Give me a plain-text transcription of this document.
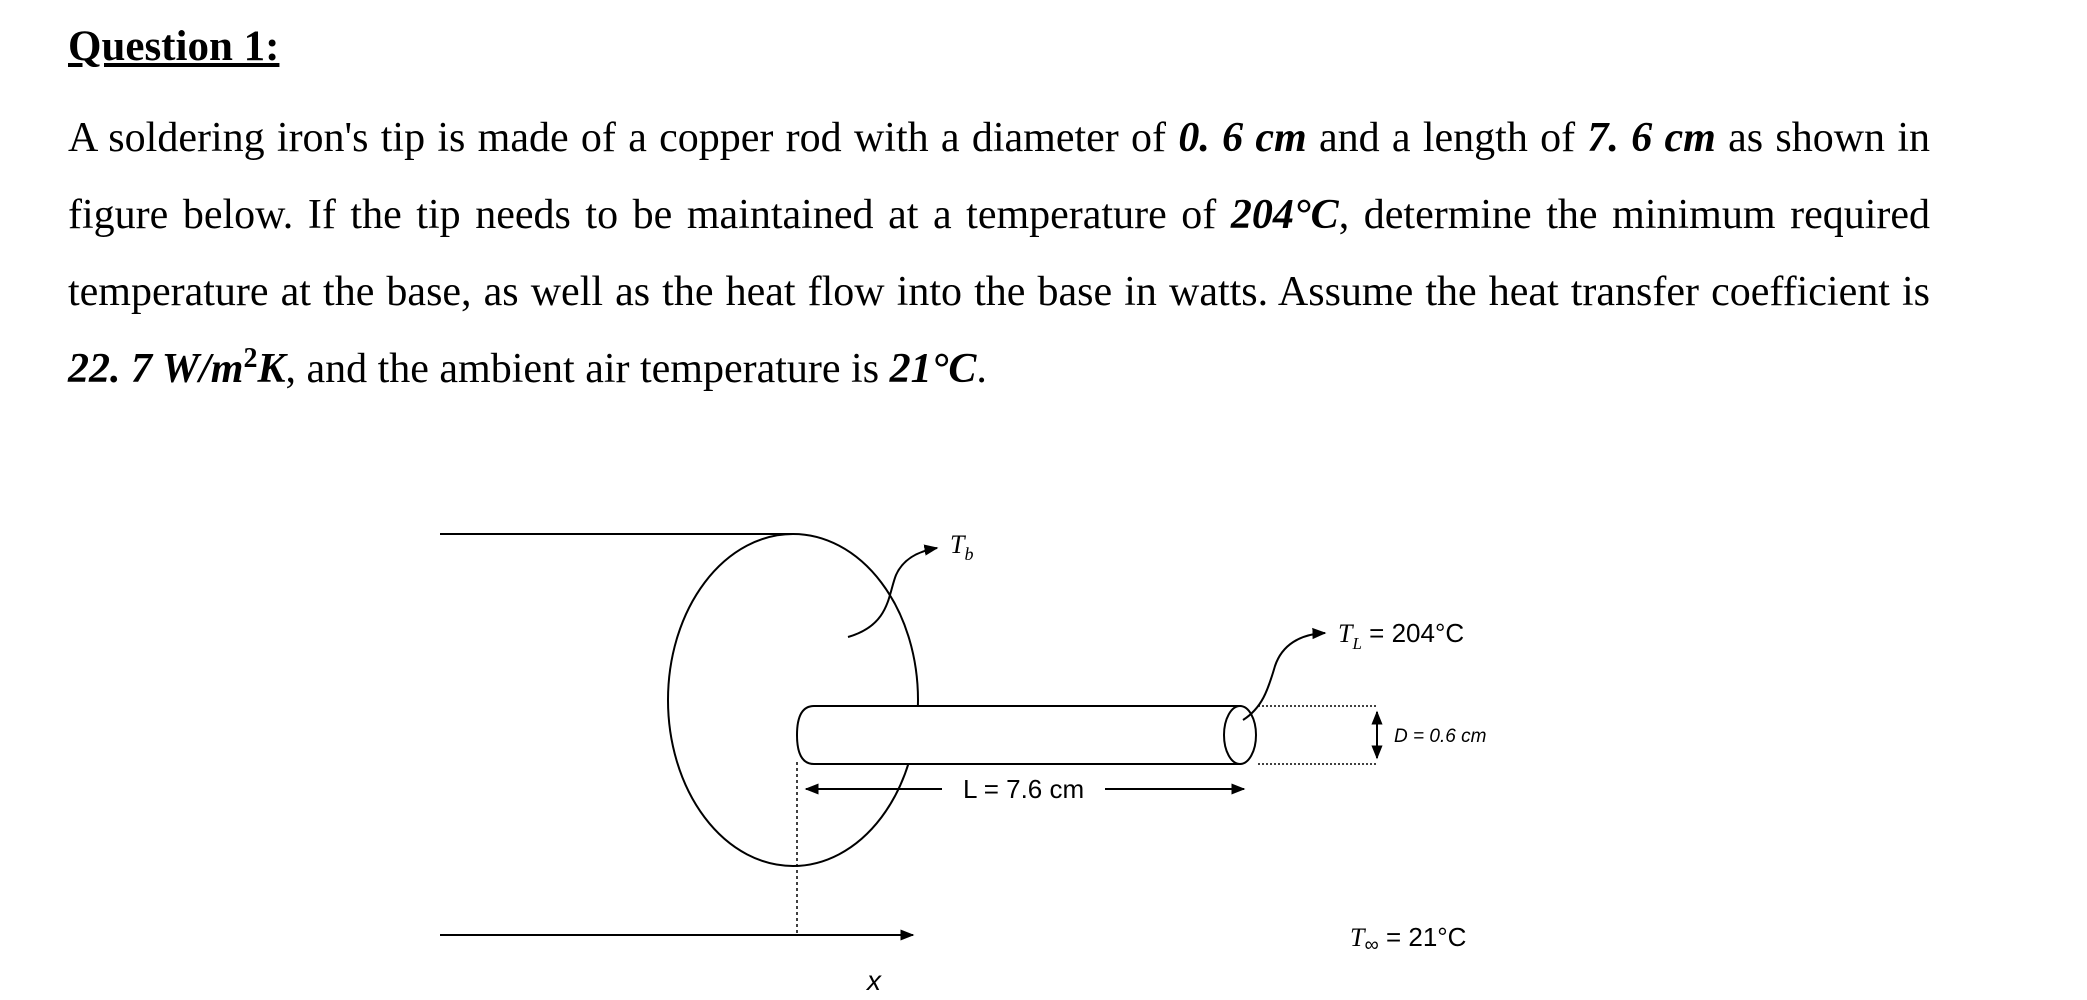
Question 1:

A soldering iron's tip is made of a copper rod with a diameter of 0. 6 cm and a length of 7. 6 cm as shown in figure below. If the tip needs to be maintained at a temperature of 204°C, determine the minimum required temperature at the base, as well as the heat flow into the base in watts. Assume the heat transfer coefficient is 22. 7 $W/m^2K$, and the ambient air temperature is 21°C.

$T_b$
$T_L = 204^\circ C$
D = 0.6 cm
L = 7.6 cm
T∞ = 21°C
x
